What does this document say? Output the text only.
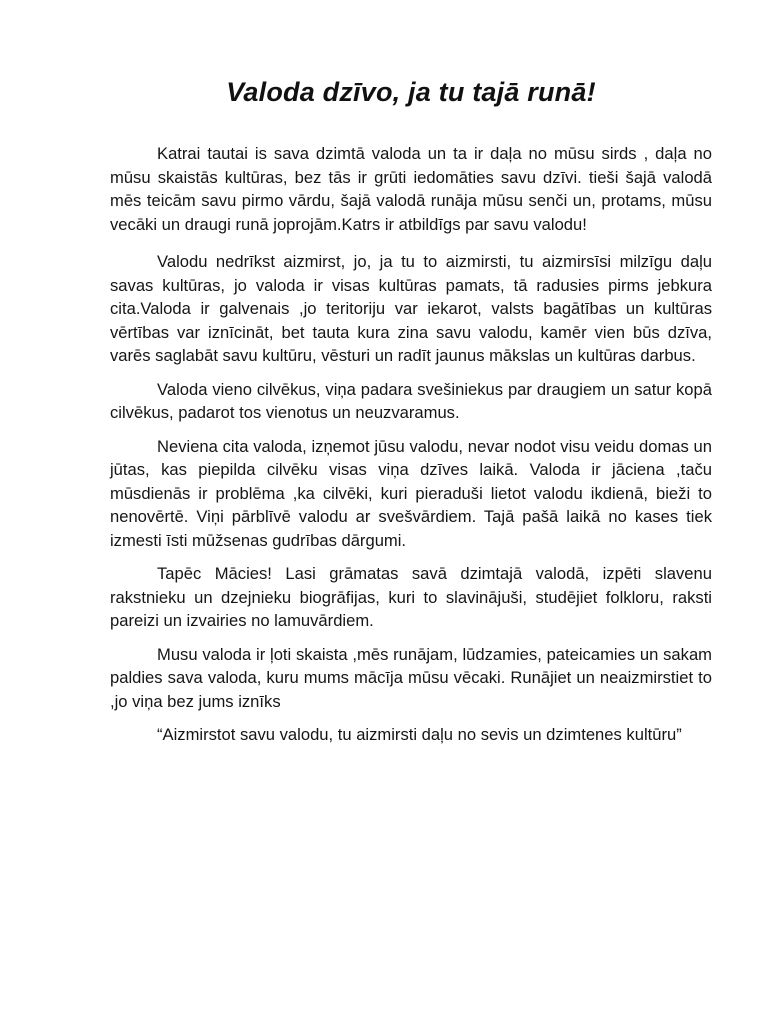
Valoda dzīvo, ja tu tajā runā!

Katrai tautai is sava dzimtā valoda un ta ir daļa no mūsu sirds , daļa no mūsu skaistās kultūras, bez tās ir grūti iedomāties savu dzīvi. tieši šajā valodā mēs teicām savu pirmo vārdu, šajā valodā runāja mūsu senči un, protams, mūsu vecāki un draugi runā joprojām.Katrs ir atbildīgs par savu valodu!

Valodu nedrīkst aizmirst, jo, ja tu to aizmirsti, tu aizmirsīsi milzīgu daļu savas kultūras, jo valoda ir visas kultūras pamats, tā radusies pirms jebkura cita.Valoda ir galvenais ,jo teritoriju var iekarot, valsts bagātības un kultūras vērtības var iznīcināt, bet tauta kura zina savu valodu, kamēr vien būs dzīva, varēs saglabāt savu kultūru, vēsturi un radīt jaunus mākslas un kultūras darbus.

Valoda vieno cilvēkus, viņa padara svešiniekus par draugiem un satur kopā cilvēkus, padarot tos vienotus un neuzvaramus.

Neviena cita valoda, izņemot jūsu valodu, nevar nodot visu veidu domas un jūtas, kas piepilda cilvēku visas viņa dzīves laikā. Valoda ir jāciena ,taču mūsdienās ir problēma ,ka cilvēki, kuri pieraduši lietot valodu ikdienā, bieži to nenovērtē. Viņi pārblīvē valodu ar svešvārdiem. Tajā pašā laikā no kases tiek izmesti īsti mūžsenas gudrības dārgumi.

Tapēc Mācies! Lasi grāmatas savā dzimtajā valodā, izpēti slavenu rakstnieku un dzejnieku biogrāfijas, kuri to slavinājuši, studējiet folkloru, raksti pareizi un izvairies no lamuvārdiem.

Musu valoda ir ļoti skaista ,mēs runājam, lūdzamies, pateicamies un sakam paldies sava valoda, kuru mums mācīja mūsu vēcaki. Runājiet un neaizmirstiet to ,jo viņa bez jums iznīks

“Aizmirstot savu valodu, tu aizmirsti daļu no sevis un dzimtenes kultūru”
